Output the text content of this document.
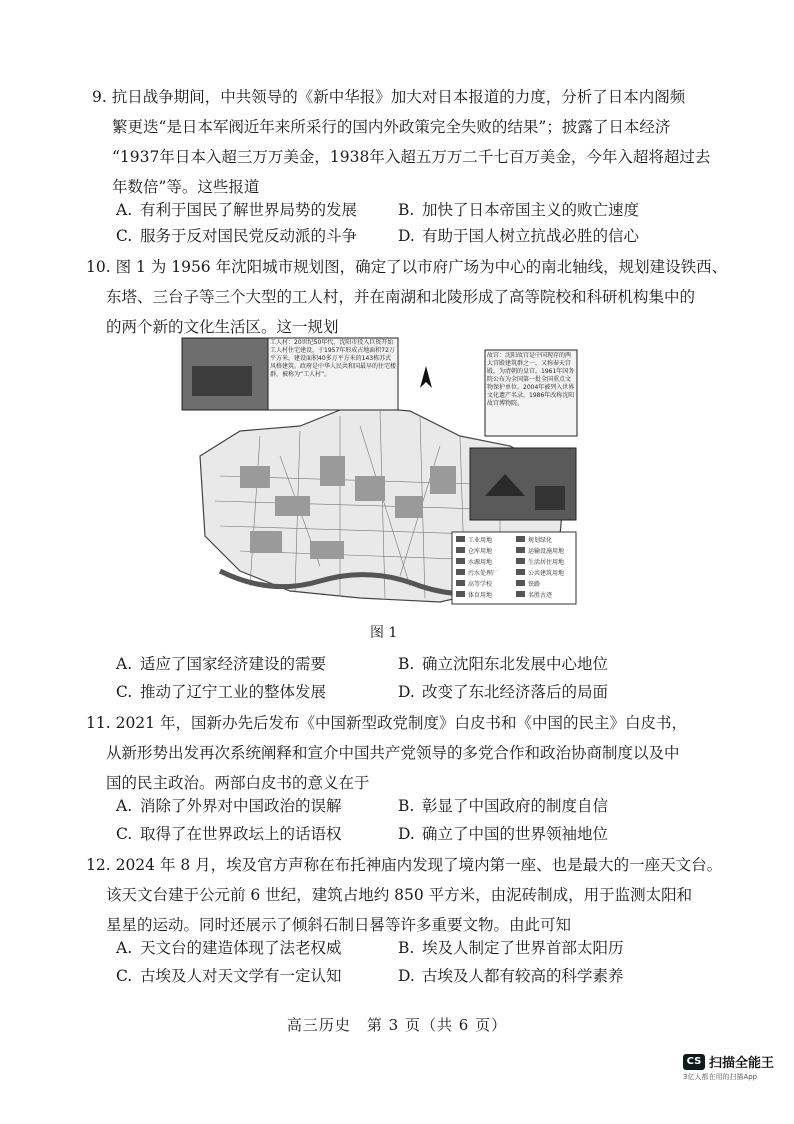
9. 抗日战争期间，中共领导的《新中华报》加大对日本报道的力度，分析了日本内阁频

繁更迭“是日本军阀近年来所采行的国内外政策完全失败的结果”；披露了日本经济

“1937年日本入超三万万美金，1938年入超五万万二千七百万美金，今年入超将超过去

年数倍”等。这些报道

A. 有利于国民了解世界局势的发展	B. 加快了日本帝国主义的败亡速度
C. 服务于反对国民党反动派的斗争	D. 有助于国人树立抗战必胜的信心

10. 图 1 为 1956 年沈阳城市规划图，确定了以市府广场为中心的南北轴线，规划建设铁西、

东塔、三台子等三个大型的工人村，并在南湖和北陵形成了高等院校和科研机构集中的

的两个新的文化生活区。这一规划

工人村：20世纪50年代，沈阳市投入巨资开始工人村住宅建设，于1957年形成占地面积72万平方米，建设面积40多万平方米的143栋苏式风格建筑。政府是中华人民共和国最早的住宅楼群，被称为“工人村”。
故宫：沈阳故宫是中国现存的两大宫殿建筑群之一，又称奉天宫殿，为清朝的皇宫。1961年国务院公布为全国第一批全国重点文物保护单位。2004年被列入世界文化遗产名录，1986年改称沈阳故宫博物院。
工业用地
仓库用地
水源用地
污水处理厂
高等学校
体育用地
规划绿化
运输设施用地
生活居住用地
公共建筑用地
铁路
名胜古迹
图 1
A. 适应了国家经济建设的需要	B. 确立沈阳东北发展中心地位
C. 推动了辽宁工业的整体发展	D. 改变了东北经济落后的局面

11. 2021 年，国新办先后发布《中国新型政党制度》白皮书和《中国的民主》白皮书，

从新形势出发再次系统阐释和宣介中国共产党领导的多党合作和政治协商制度以及中

国的民主政治。两部白皮书的意义在于

A. 消除了外界对中国政治的误解	B. 彰显了中国政府的制度自信
C. 取得了在世界政坛上的话语权	D. 确立了中国的世界领袖地位

12. 2024 年 8 月，埃及官方声称在布托神庙内发现了境内第一座、也是最大的一座天文台。

该天文台建于公元前 6 世纪，建筑占地约 850 平方米，由泥砖制成，用于监测太阳和

星星的运动。同时还展示了倾斜石制日晷等许多重要文物。由此可知

A. 天文台的建造体现了法老权威	B. 埃及人制定了世界首部太阳历
C. 古埃及人对天文学有一定认知	D. 古埃及人都有较高的科学素养
高三历史　第 3 页（共 6 页）
CS 扫描全能王
3亿人都在用的扫描App
